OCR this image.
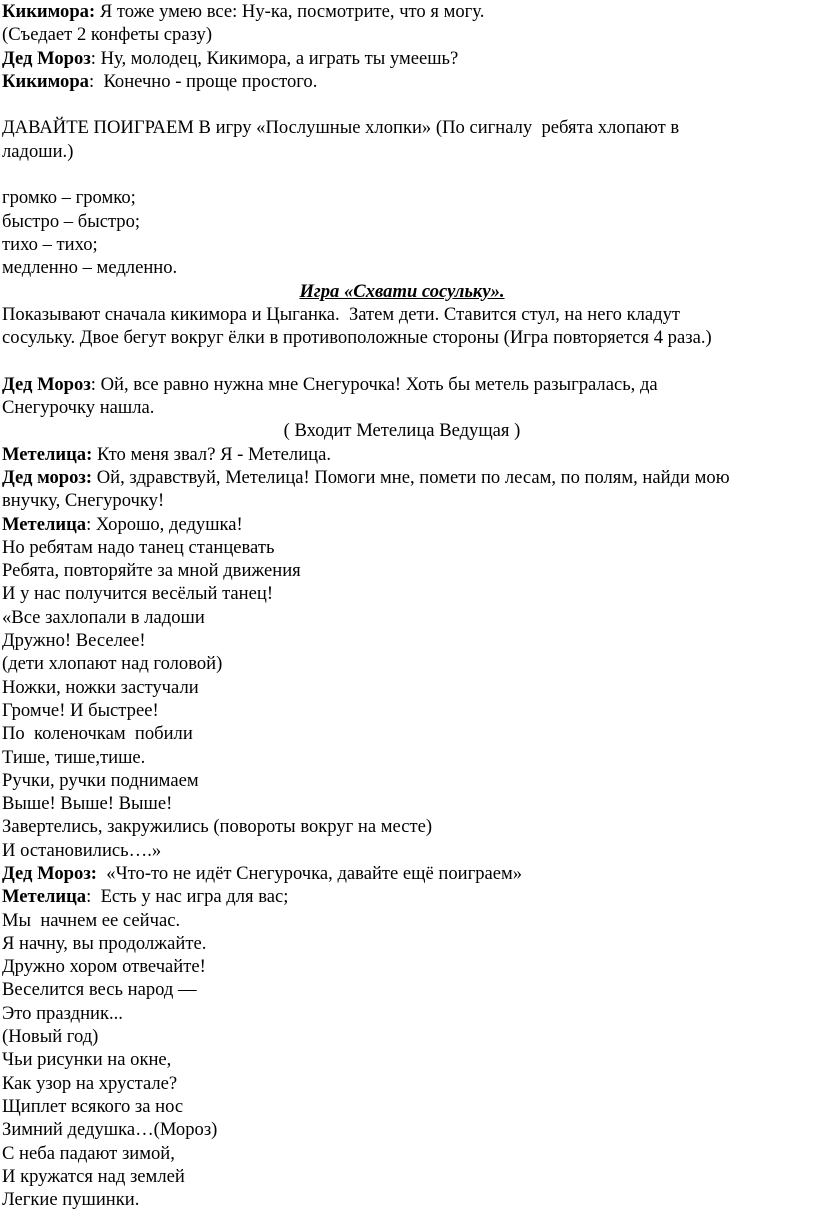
Кикимора: Я тоже умею все: Ну-ка, посмотрите, что я могу.
(Съедает 2 конфеты сразу)
Дед Мороз: Ну, молодец, Кикимора, а играть ты умеешь?
Кикимора:  Конечно - проще простого.
ДАВАЙТЕ ПОИГРАЕМ В игру «Послушные хлопки» (По сигналу  ребята хлопают в
ладоши.)
громко – громко;
быстро – быстро;
тихо – тихо;
медленно – медленно.
Игра «Схвати сосульку».
Показывают сначала кикимора и Цыганка.  Затем дети. Ставится стул, на него кладут
сосульку. Двое бегут вокруг ёлки в противоположные стороны (Игра повторяется 4 раза.)
Дед Мороз: Ой, все равно нужна мне Снегурочка! Хоть бы метель разыгралась, да
Снегурочку нашла.
( Входит Метелица Ведущая )
Метелица: Кто меня звал? Я - Метелица.
Дед мороз: Ой, здравствуй, Метелица! Помоги мне, помети по лесам, по полям, найди мою
внучку, Снегурочку!
Метелица: Хорошо, дедушка!
Но ребятам надо танец станцевать
Ребята, повторяйте за мной движения
И у нас получится весёлый танец!
«Все захлопали в ладоши
Дружно! Веселее!
(дети хлопают над головой)
Ножки, ножки застучали
Громче! И быстрее!
По  коленочкам  побили
Тише, тише,тише.
Ручки, ручки поднимаем
Выше! Выше! Выше!
Завертелись, закружились (повороты вокруг на месте)
И остановились….»
Дед Мороз:  «Что-то не идёт Снегурочка, давайте ещё поиграем»
Метелица:  Есть у нас игра для вас;
Мы  начнем ее сейчас.
Я начну, вы продолжайте.
Дружно хором отвечайте!
Веселится весь народ —
Это праздник...
(Новый год)
Чьи рисунки на окне,
Как узор на хрустале?
Щиплет всякого за нос
Зимний дедушка…(Мороз)
С неба падают зимой,
И кружатся над землей
Легкие пушинки.
